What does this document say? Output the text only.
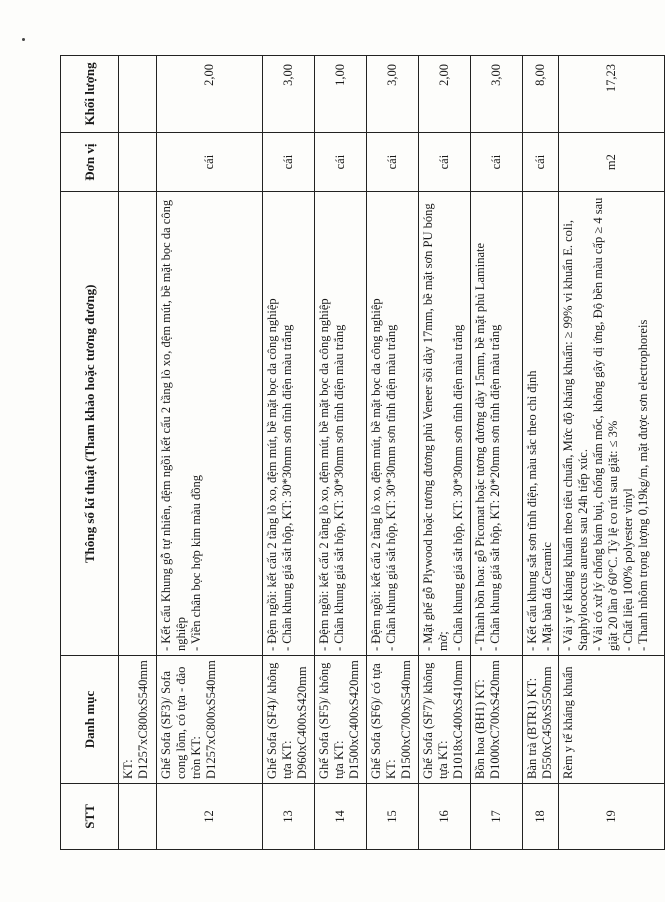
STT	Danh mục	Thông số kĩ thuật (Tham khảo hoặc tương đương)	Đơn vị	Khối lượng
	KT: D1257xC800xS540mm			
12	Ghế Sofa (SF3)/ Sofa cong lõm, có tựa - đảo tròn KT: D1257xC800xS540mm	- Kết cấu Khung gỗ tự nhiên, đệm ngồi kết cấu 2 tầng lò xo, đệm mút, bề mặt bọc da công nghiệp - Viền chân bọc hợp kim màu đồng	cái	2,00
13	Ghế Sofa (SF4)/ không tựa KT: D960xC400xS420mm	- Đệm ngồi: kết cấu 2 tầng lò xo, đệm mút, bề mặt bọc da công nghiệp - Chân khung giá sắt hộp, KT: 30*30mm sơn tĩnh điện màu trắng	cái	3,00
14	Ghế Sofa (SF5)/ không tựa KT: D1500xC400xS420mm	- Đệm ngồi: kết cấu 2 tầng lò xo, đệm mút, bề mặt bọc da công nghiệp - Chân khung giá sắt hộp, KT: 30*30mm sơn tĩnh điện màu trắng	cái	1,00
15	Ghế Sofa (SF6)/ có tựa KT: D1500xC700xS540mm	- Đệm ngồi: kết cấu 2 tầng lò xo, đệm mút, bề mặt bọc da công nghiệp - Chân khung giá sắt hộp, KT: 30*30mm sơn tĩnh điện màu trắng	cái	3,00
16	Ghế Sofa (SF7)/ không tựa KT: D1018xC400xS410mm	- Mặt ghế gỗ Plywood hoặc tương đương phủ Veneer sồi dày 17mm, bề mặt sơn PU bóng mờ; - Chân khung giá sắt hộp, KT: 30*30mm sơn tĩnh điện màu trắng	cái	2,00
17	Bồn hoa (BH1) KT: D1000xC700xS420mm	- Thành bồn hoa: gỗ Picomat hoặc tương đương dày 15mm, bề mặt phủ Laminate - Chân khung giá sắt hộp, KT: 20*20mm sơn tĩnh điện màu trắng	cái	3,00
18	Bàn trà (BTR1) KT: D550xC450xS550mm	- Kết cấu khung sắt sơn tĩnh điện, màu sắc theo chỉ định - Mặt bàn đá Ceramic	cái	8,00
19	Rèm y tế kháng khuẩn	- Vải y tế kháng khuẩn theo tiêu chuẩn, Mức độ kháng khuẩn: ≥ 99% vi khuẩn E. coli, Staphylococcus aureus sau 24h tiếp xúc. - Vải có xử lý chống bám bụi, chống nấm mốc, không gây dị ứng, Độ bền màu cấp ≥ 4 sau giặt 20 lần ở 60°C. Tỷ lệ co rút sau giặt: ≤ 3% - Chất liệu 100% polyester vinyl - Thanh nhôm trọng lượng 0,19kg/m, mặt được sơn electrophoreis	m2	17,23
